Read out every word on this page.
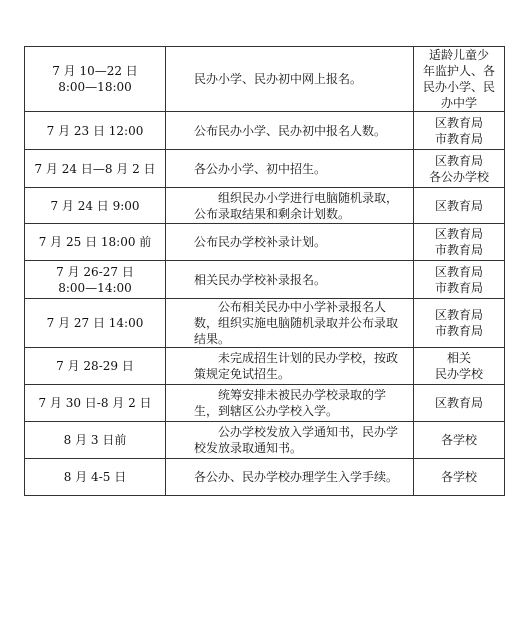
7 月 10—22 日
8:00—18:00	民办小学、民办初中网上报名。	适龄儿童少
年监护人、各
民办小学、民
办中学
7 月 23 日 12:00	公布民办小学、民办初中报名人数。	区教育局
市教育局
7 月 24 日—8 月 2 日	各公办小学、初中招生。	区教育局
各公办学校
7 月 24 日 9:00	组织民办小学进行电脑随机录取，公布录取结果和剩余计划数。	区教育局
7 月 25 日 18:00 前	公布民办学校补录计划。	区教育局
市教育局
7 月 26-27 日
8:00—14:00	相关民办学校补录报名。	区教育局
市教育局
7 月 27 日 14:00	公布相关民办中小学补录报名人数，组织实施电脑随机录取并公布录取结果。	区教育局
市教育局
7 月 28-29 日	未完成招生计划的民办学校，按政策规定免试招生。	相关
民办学校
7 月 30 日-8 月 2 日	统筹安排未被民办学校录取的学生，到辖区公办学校入学。	区教育局
8 月 3 日前	公办学校发放入学通知书，民办学校发放录取通知书。	各学校
8 月 4-5 日	各公办、民办学校办理学生入学手续。	各学校
